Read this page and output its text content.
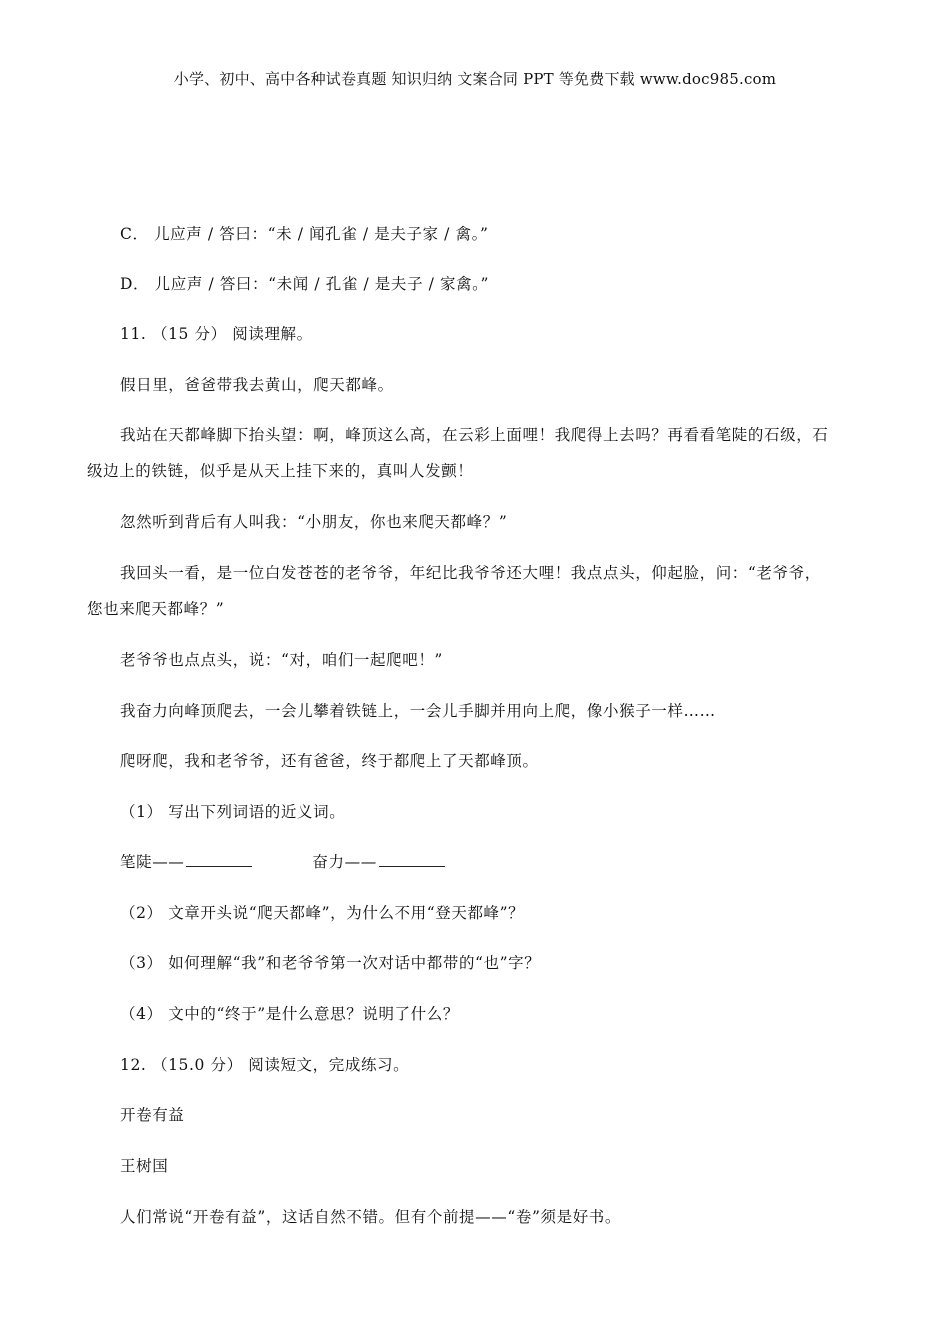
小学、初中、高中各种试卷真题 知识归纳 文案合同 PPT 等免费下载 www.doc985.com
C． 儿应声 / 答曰：“未 / 闻孔雀 / 是夫子家 / 禽。”
D． 儿应声 / 答曰：“未闻 / 孔雀 / 是夫子 / 家禽。”
11. （15 分） 阅读理解。
假日里，爸爸带我去黄山，爬天都峰。
我站在天都峰脚下抬头望：啊，峰顶这么高，在云彩上面哩！我爬得上去吗？再看看笔陡的石级，石
级边上的铁链，似乎是从天上挂下来的，真叫人发颤！
忽然听到背后有人叫我：“小朋友，你也来爬天都峰？”
我回头一看，是一位白发苍苍的老爷爷，年纪比我爷爷还大哩！我点点头，仰起脸，问：“老爷爷，
您也来爬天都峰？”
老爷爷也点点头，说：“对，咱们一起爬吧！”
我奋力向峰顶爬去，一会儿攀着铁链上，一会儿手脚并用向上爬，像小猴子一样……
爬呀爬，我和老爷爷，还有爸爸，终于都爬上了天都峰顶。
（1） 写出下列词语的近义词。
笔陡——	奋力——
（2） 文章开头说“爬天都峰”，为什么不用“登天都峰”？
（3） 如何理解“我”和老爷爷第一次对话中都带的“也”字？
（4） 文中的“终于”是什么意思？说明了什么？
12. （15.0 分） 阅读短文，完成练习。
开卷有益
王树国
人们常说“开卷有益”，这话自然不错。但有个前提——“卷”须是好书。
